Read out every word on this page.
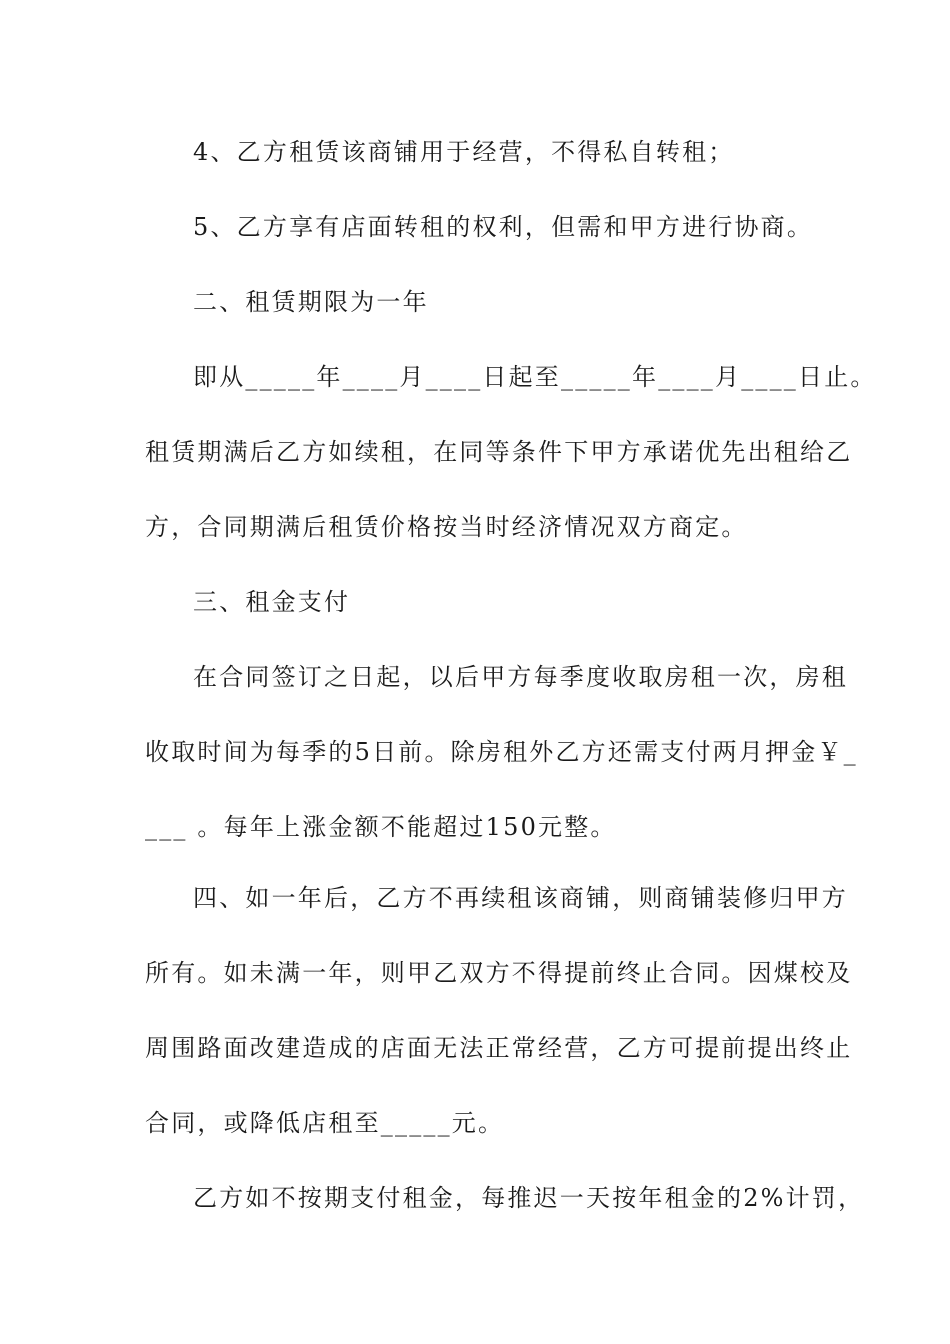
4、乙方租赁该商铺用于经营，不得私自转租；
5、乙方享有店面转租的权利，但需和甲方进行协商。
二、租赁期限为一年
即从_____年____月____日起至_____年____月____日止。
租赁期满后乙方如续租，在同等条件下甲方承诺优先出租给乙
方，合同期满后租赁价格按当时经济情况双方商定。
三、租金支付
在合同签订之日起，以后甲方每季度收取房租一次，房租
收取时间为每季的5日前。除房租外乙方还需支付两月押金￥_
___ 。每年上涨金额不能超过150元整。
四、如一年后，乙方不再续租该商铺，则商铺装修归甲方
所有。如未满一年，则甲乙双方不得提前终止合同。因煤校及
周围路面改建造成的店面无法正常经营，乙方可提前提出终止
合同，或降低店租至_____元。
乙方如不按期支付租金，每推迟一天按年租金的2%计罚，
